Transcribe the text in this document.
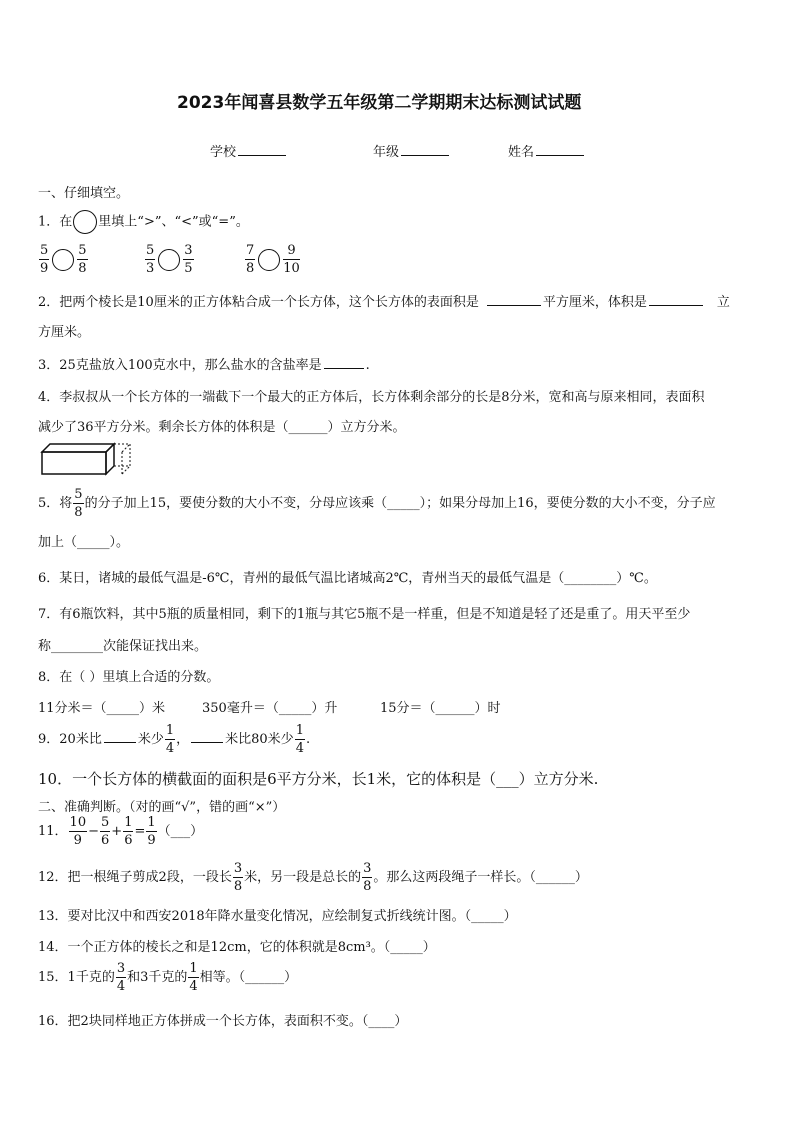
2023年闻喜县数学五年级第二学期期末达标测试试题
学校	年级	姓名
一、仔细填空。
1．在 里填上“>”、“<”或“=”。
$\frac{5}{9} \frac{5}{8}$	$\frac{5}{3} \frac{3}{5}$	$\frac{7}{8} \frac{9}{10}$
2．把两个棱长是10厘米的正方体粘合成一个长方体，这个长方体的表面积是	平方厘米，体积是	立
方厘米。
3．25克盐放入100克水中，那么盐水的含盐率是	.
4．李叔叔从一个长方体的一端截下一个最大的正方体后，长方体剩余部分的长是8分米，宽和高与原来相同，表面积
减少了36平方分米。剩余长方体的体积是（______）立方分米。
5．将 $\frac{5}{8}$ 的分子加上15，要使分数的大小不变，分母应该乘（_____）；如果分母加上16，要使分数的大小不变，分子应
加上（_____）。
6．某日，诸城的最低气温是-6℃，青州的最低气温比诸城高2℃，青州当天的最低气温是（________）℃。
7．有6瓶饮料，其中5瓶的质量相同，剩下的1瓶与其它5瓶不是一样重，但是不知道是轻了还是重了。用天平至少
称________次能保证找出来。
8．在（ ）里填上合适的分数。
11分米＝（_____）米	350毫升＝（_____）升	15分＝（______）时
9．20米比	米少 $\frac{1}{4}$ ，	米比80米少 $\frac{1}{4}$ .
10．一个长方体的横截面的面积是6平方分米，长1米，它的体积是（___）立方分米.
二、准确判断。（对的画“√”，错的画“×”）
11． $\frac{10}{9} - \frac{5}{6} + \frac{1}{6} = \frac{1}{9}$ （___）
12．把一根绳子剪成2段，一段长 $\frac{3}{8}$ 米，另一段是总长的 $\frac{3}{8}$ 。那么这两段绳子一样长。（______）
13．要对比汉中和西安2018年降水量变化情况，应绘制复式折线统计图。（_____）
14．一个正方体的棱长之和是12cm，它的体积就是8cm³。（_____）
15．1千克的 $\frac{3}{4}$ 和3千克的 $\frac{1}{4}$ 相等。（______）
16．把2块同样地正方体拼成一个长方体，表面积不变。（____）
